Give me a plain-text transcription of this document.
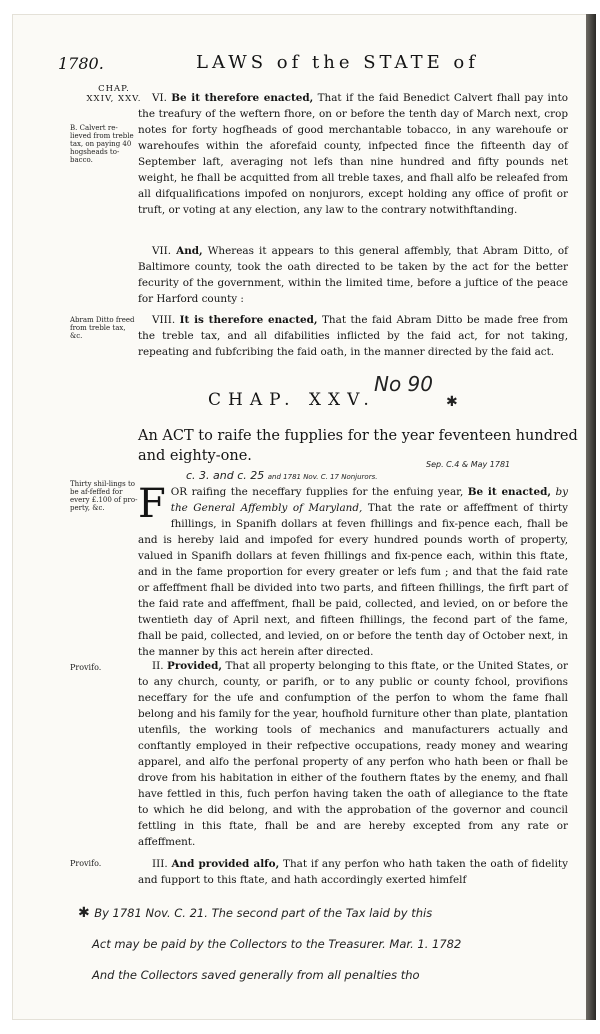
1780.	LAWS of the STATE of
CHAP. XXIV, XXV.
B. Calvert re-lieved from treble tax, on paying 40 hogsheads to-bacco.
Abram Ditto freed from treble tax, &c.
Thirty shil-lings to be af-feffed for every £.100 of pro-perty, &c.
Provifo.
Provifo.

VI. Be it therefore enacted, That if the faid Benedict Calvert fhall pay into the treafury of the weftern fhore, on or before the tenth day of March next, crop notes for forty hogfheads of good merchantable tobacco, in any warehoufe or warehoufes within the aforefaid county, infpected fince the fifteenth day of September laft, averaging not lefs than nine hundred and fifty pounds net weight, he fhall be acquitted from all treble taxes, and fhall alfo be releafed from all difqualifications impofed on nonjurors, except holding any office of profit or truft, or voting at any election, any law to the contrary notwithftanding.

VII. And, Whereas it appears to this general affembly, that Abram Ditto, of Baltimore county, took the oath directed to be taken by the act for the better fecurity of the government, within the limited time, before a juftice of the peace for Harford county :

VIII. It is therefore enacted, That the faid Abram Ditto be made free from the treble tax, and all difabilities inflicted by the faid act, for not taking, repeating and fubfcribing the faid oath, in the manner directed by the faid act.

No 90
CHAP. XXV.	✱
An ACT to raife the fupplies for the year feventeen hundred and eighty-one.
Sep. C.4 & May 1781
c. 3. and c. 25 and 1781 Nov. C. 17 Nonjurors.
F OR raifing the neceffary fupplies for the enfuing year, Be it enacted, by the General Affembly of Maryland, That the rate or affeffment of thirty fhillings, in Spanifh dollars at feven fhillings and fix-pence each, fhall be and is hereby laid and impofed for every hundred pounds worth of property, valued in Spanifh dollars at feven fhillings and fix-pence each, within this ftate, and in the fame proportion for every greater or lefs fum ; and that the faid rate or affeffment fhall be divided into two parts, and fifteen fhillings, the firft part of the faid rate and affeffment, fhall be paid, collected, and levied, on or before the twentieth day of April next, and fifteen fhillings, the fecond part of the fame, fhall be paid, collected, and levied, on or before the tenth day of October next, in the manner by this act herein after directed.

II. Provided, That all property belonging to this ftate, or the United States, or to any church, county, or parifh, or to any public or county fchool, provifions neceffary for the ufe and confumption of the perfon to whom the fame fhall belong and his family for the year, houfhold furniture other than plate, plantation utenfils, the working tools of mechanics and manufacturers actually and conftantly employed in their refpective occupations, ready money and wearing apparel, and alfo the perfonal property of any perfon who hath been or fhall be drove from his habitation in either of the fouthern ftates by the enemy, and fhall have fettled in this, fuch perfon having taken the oath of allegiance to the ftate to which he did belong, and with the approbation of the governor and council fettling in this ftate, fhall be and are hereby excepted from any rate or affeffment.

III. And provided alfo, That if any perfon who hath taken the oath of fidelity and fupport to this ftate, and hath accordingly exerted himfelf

✱ By 1781 Nov. C. 21. The second part of the Tax laid by this
Act may be paid by the Collectors to the Treasurer. Mar. 1. 1782
And the Collectors saved generally from all penalties tho
